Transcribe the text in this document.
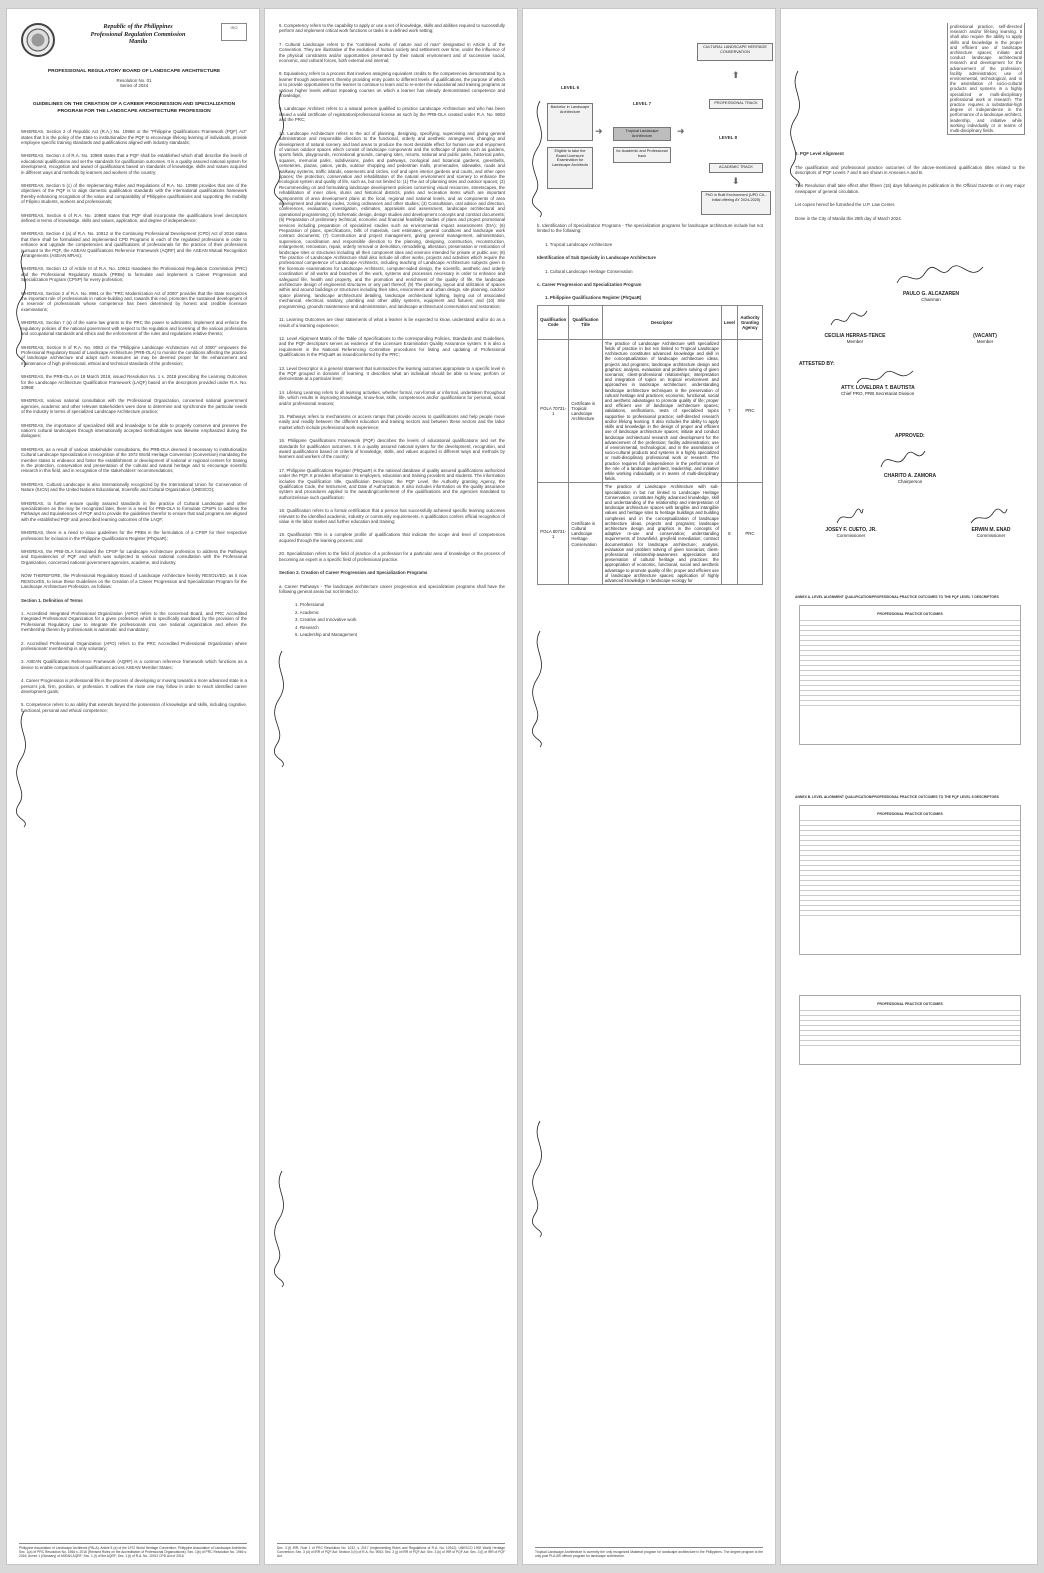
Republic of the Philippines
Professional Regulation Commission
Manila
ISO
PROFESSIONAL REGULATORY BOARD OF LANDSCAPE ARCHITECTURE
Resolution No. 01
Series of 2024
GUIDELINES ON THE CREATION OF A CAREER PROGRESSION AND SPECIALIZATION PROGRAM FOR THE LANDSCAPE ARCHITECTURE PROFESSION
WHEREAS, Section 2 of Republic Act (R.A.) No. 10968 or the "Philippine Qualifications Framework (PQF) Act" states that it is the policy of the State to institutionalize the PQF to encourage lifelong learning of individuals, provide employee specific training standards and qualifications aligned with industry standards;
WHEREAS, Section 4 of R.A. No. 10968 states that a PQF shall be established which shall describe the levels of educational qualifications and set the standards for qualification outcomes. It is a quality assured national system for development, recognition and award of qualifications based on standards of knowledge, skills and values acquired in different ways and methods by learners and workers of the country;
WHEREAS, Section 5 (c) of the Implementing Rules and Regulations of R.A. No. 10968 provides that one of the objectives of the PQF is to align domestic qualification standards with the international qualifications framework thereby enhancing recognition of the value and comparability of Philippine qualifications and supporting the mobility of Filipino students, workers and professionals;
WHEREAS, Section 6 of R.A. No. 10968 states that PQF shall incorporate the qualifications level descriptors defined in terms of knowledge, skills and values, application, and degree of independence;
WHEREAS, Section 4 (a) of R.A. No. 10912 or the Continuing Professional Development (CPD) Act of 2016 states that there shall be formulated and implemented CPD Programs in each of the regulated professions in order to enhance and upgrade the competencies and qualifications of professionals for the practice of their professions pursuant to the PQF, the ASEAN Qualifications Reference Framework (AQRF) and the ASEAN Mutual Recognition Arrangements (ASEAN MRAs);
WHEREAS, Section 12 of Article III of R.A. No. 10912 mandates the Professional Regulation Commission (PRC) and the Professional Regulatory Boards (PRBs) to formulate and implement a Career Progression and Specialization Program (CPSP) for every profession;
WHEREAS, Section 2 of R.A. No. 8981 or the "PRC Modernization Act of 2000" provides that the State recognizes the important role of professionals in nation-building and, towards this end, promotes the sustained development of a reservoir of professionals whose competence has been determined by honest and credible licensure examinations;
WHEREAS, Section 7 (a) of the same law grants to the PRC the power to administer, implement and enforce the regulatory policies of the national government with respect to the regulation and licensing of the various professions and occupational standards and ethics and the enforcement of the rules and regulations relative thereto;
WHEREAS, Section 8 of R.A. No. 9053 or the "Philippine Landscape Architecture Act of 2000" empowers the Professional Regulatory Board of Landscape Architecture (PRB-OLA) to monitor the conditions affecting the practice of landscape architecture and adopt such measures as may be deemed proper for the enhancement and maintenance of high professional, ethical and technical standards of the profession;
WHEREAS, the PRB-OLA on 19 March 2018, issued Resolution No. 1 s. 2018 prescribing the Learning Outcomes for the Landscape Architecture Qualification Framework (LAQF) based on the descriptors provided under R.A. No. 10968;
WHEREAS, various national consultation with the Professional Organization, concerned national government agencies, academic and other relevant stakeholders were done to determine and synchronize the particular needs of the industry in terms of specialized Landscape Architecture practice;
WHEREAS, the importance of specialized skill and knowledge to be able to properly conserve and preserve the nation's cultural landscapes through internationally accepted methodologies was likewise emphasized during the dialogues;
WHEREAS, as a result of various stakeholder consultations, the PRB-OLA deemed it necessary to institutionalize Cultural Landscape Specialization in recognition of the 1972 World Heritage Convention (Convention) mandating the member states to endeavor and foster the establishment or development of national or regional centers for training in the protection, conservation and presentation of the cultural and natural heritage and to encourage scientific research in this field, and in recognition of the stakeholders' recommendations;
WHEREAS, Cultural Landscape is also internationally recognized by the International Union for Conservation of Nature (IUCN) and the United Nations Educational, Scientific and Cultural Organization (UNESCO);
WHEREAS, to further ensure quality assured standards in the practice of Cultural Landscape and other specializations as the may be recognized later, there is a need for PRB-OLA to formulate CPSPs to address the Pathways and Equivalencies of PQF and to provide the guidelines therefor to ensure that said programs are aligned with the established PQF and prescribed learning outcomes of the LAQF;
WHEREAS, there is a need to issue guidelines for the PRBs in the formulation of a CPSP for their respective professions for inclusion in the Philippine Qualifications Register (PhQuaR);
WHEREAS, the PRB-OLA formulated the CPSP for Landscape Architecture profession to address the Pathways and Equivalencies of PQF and which was subjected to various national consultation with the Professional Organization, concerned national government agencies, academe, and industry.
NOW THEREFORE, the Professional Regulatory Board of Landscape Architecture hereby RESOLVED, as it now RESOLVES, to issue these Guidelines on the Creation of a Career Progression and Specialization Program for the Landscape Architecture Profession, as follows:
Section 1. Definition of Terms
1. Accredited Integrated Professional Organization (AIPO) refers to the concerned Board, and PRC Accredited Integrated Professional Organization for a given profession which is specifically mandated by the provision of the Professional Regulatory Law to integrate the professionals into one national organization and where the membership therein by professionals is automatic and mandatory;
2. Accredited Professional Organization (APO) refers to the PRC Accredited Professional Organization where professionals' membership is only voluntary;
3. ASEAN Qualifications Reference Framework (AQRF) is a common reference framework which functions as a device to enable comparisons of qualifications across ASEAN Member States;
4. Career Progression is professional life is the process of developing or moving towards a more advanced state in a person's job, firm, position, or profession. It outlines the route one may follow in order to reach identified career development goals;
5. Competence refers to an ability that extends beyond the possession of knowledge and skills, including cognitive, functional, personal and ethical competence;
Philippine Association of Landscape Architects (PALA); Article 5 (a) of the 1972 World Heritage Convention; Philippine Association of Landscape Architects; Sec. 1(a) of PRC Resolution No. 1966 s. 2016 (Revised Rules on the Accreditation of Professional Organizations); Sec. 1(b) of PRC Resolution No. 1966 s. 2016; Annex 1 (Glossary) of ASEAN AQRF; Sec. 1 (I) of the AQRF; Sec. 1 (t) of R.A. No. 10912 CPD Act of 2016.
6. Competency refers to the capability to apply or use a set of knowledge, skills and abilities required to successfully perform and implement critical work functions or tasks in a defined work setting;
7. Cultural Landscape refers to the "combined works of nature and of man" designated in Article 1 of the Convention. They are illustrative of the evolution of human society and settlement over time, under the influence of the physical constraints and/or opportunities presented by their natural environment and of successive social, economic, and cultural forces, both external and internal;
8. Equivalency refers to a process that involves assigning equivalent credits to the competencies demonstrated by a learner through assessment, thereby providing entry points to different levels of qualifications, the purpose of which is to provide opportunities to the learner to continue to learn and to re-enter the educational and training programs at various higher levels without repeating courses on which a learner has already demonstrated competence and knowledge;
9. Landscape Architect refers to a natural person qualified to practice Landscape Architecture and who has been issued a valid certificate of registration/professional license as such by the PRB-OLA created under R.A. No. 9053 and the PRC;
10. Landscape Architecture refers to the act of planning, designing, specifying, supervising and giving general administration and responsible direction to the functional, orderly and aesthetic arrangement, changing and development of natural scenery and land areas to produce the most desirable effect for human use and enjoyment of various outdoor spaces which consist of landscape components and the softscape of plants such as gardens, sports fields, playgrounds, recreational grounds, camping sites, resorts, national and public parks, historical parks, squares, memorial parks, subdivisions, parks and parkways, zoological and botanical gardens, greenbelts, cemeteries, plazas, patios, yards, outdoor shopping and pedestrian malls, promenades, sidewalks, roads and walkway systems, traffic islands, easements and circles, roof and open interior gardens and courts, and other open spaces; the protection, conservation and rehabilitation of the natural environment and scenery to enhance the ecological system and quality of life, such as, but not limited to: (1) The act of planning sites and outdoor spaces; (2) Recommending on and formulating landscape development policies concerning visual resources, streetscapes, the rehabilitation of inner cities, slums and historical districts, parks and recreation items which are important components of area development plans at the local, regional and national levels, and as components of area development and planning codes, zoning ordinances and other studies; (3) Consultation, oral advice and direction, conferences, evaluation, investigation, estimates, appraisals and assessment, landscape architectural and operational programming; (4) Schematic design, design studies and development concepts and contract documents; (5) Preparation of preliminary technical, economic and financial feasibility studies of plans and project promotional services including preparation of specialized studies such as environmental impact assessments (EIA); (6) Preparation of plans, specifications, bills of materials, cost estimates, general conditions and landscape work contract documents; (7) Construction and project management, giving general management, administration, supervision, coordination and responsible direction to the planning, designing, construction, reconstruction, enlargement, renovation, repair, orderly removal or demolition, remodelling, alteration, preservation or restoration of landscape sites or structures including all their component sites and environs intended for private or public use; (8) The practice of Landscape Architecture shall also include all other works, projects and activities which require the professional competence of Landscape Architects, including teaching of Landscape Architecture subjects given in the licensure examinations for Landscape Architects, computer-aided design, the scientific, aesthetic and orderly coordination of all works and branches of the work, systems and processes necessary in order to enhance and safeguard life, health and property, and the promotion and enrichment of the quality of life, the landscape architecture design of engineered structures or any part thereof; (9) The planning, layout and utilization of spaces within and around buildings or structures including their sites, environment and urban design, site planning, outdoor space planning, landscape architectural detailing, landscape architectural lighting, laying out of associated mechanical, electrical, sanitary, plumbing and other utility systems, equipment and fixtures; and (10) Site programming, grounds maintenance and administration, and landscape architectural conservation and restoration;
11. Learning Outcomes are clear statements of what a learner is be expected to know, understand and/or do as a result of a learning experience;
12. Level Alignment Matrix of the Table of Specifications to the corresponding Policies, Standards and Guidelines, and the PQF descriptors serves as evidence of the Licensure Examination Quality Assurance system. It is also a requirement in the National Referencing Committee procedures for listing and updating of Professional Qualifications in the PhQuaR as issued/conferred by the PRC;
13. Level Descriptor is a general statement that summarizes the learning outcomes appropriate to a specific level in the PQF grouped in domains of learning. It describes what an individual should be able to know, perform or demonstrate at a particular level;
14. Lifelong Learning refers to all learning activities, whether formal, non-formal or informal, undertaken throughout life, which results in improving knowledge, know-how, skills, competences and/or qualifications for personal, social and/or professional reasons;
15. Pathways refers to mechanisms or access ramps that provide access to qualifications and help people move easily and readily between the different education and training sectors and between these sectors and the labor market which include professional work experience;
16. Philippine Qualifications Framework (PQF) describes the levels of educational qualifications and set the standards for qualification outcomes. It is a quality assured national system for the development, recognition, and award qualifications based on criteria of knowledge, skills, and values acquired in different ways and methods by learners and workers of the country;
17. Philippine Qualifications Register (PhQuaR) is the national database of quality assured qualifications authorized under the PQF. It provides information to employers, education and training providers and students. The information includes the Qualification title, Qualification Descriptor, the PQF Level, the Authority granting Agency, the Qualification Code, the Instrument, and Date of Authorization. It also includes information on the quality assurance system and procedures applied to the awarding/conferment of the qualifications and the agencies mandated to authorize/issue such qualification;
18. Qualification refers to a formal certification that a person has successfully achieved specific learning outcomes relevant to the identified academic, industry or community requirements. A qualification confers official recognition of value in the labor market and further education and training;
19. Qualification Title is a complete profile of qualifications that indicate the scope and level of competences acquired through the learning process; and
20. Specialization refers to the field of practice of a profession for a particular area of knowledge or the process of becoming an expert in a specific field of professional practice.
Section 2. Creation of Career Progression and Specialization Programs
a. Career Pathways - The landscape architecture career progression and specialization programs shall have the following general areas but not limited to:
1. Professional
2. Academic
3. Creative and Innovative work
4. Research
5. Leadership and Management
Sec. 3 (f) IRR; Rule 1 of PRC Resolution No. 1032, s. 2017 (Implementing Rules and Regulations of R.A. No. 10912); UNESCO 1992 World Heritage Convention; Sec. 3 (d) of IRR of PQF Act; Section 3 (h) of R.A. No. 9053; Sec. 3 (j) of IRR of PQF Act; Sec. 3 (k) of IRR of PQF Act; Sec. 3 (l) of IRR of PQF Act.
LEVEL 6
LEVEL 7
LEVEL 8
Bachelor in Landscape Architecture
Eligible to take the Board Licensure Examination for Landscape Architects
Tropical Landscape Architecture
for Academic and Professional track
CULTURAL LANDSCAPE HERITAGE CONSERVATION
PROFESSIONAL TRACK
ACADEMIC TRACK
PhD in Built Environment (UPD CA - initial offering AY 2024-2025)
➜	➜
⬆
⬇
b. Identification of Specialization Programs - The specialization programs for landscape architecture include but not limited to the following:
1. Tropical Landscape Architecture
Identification of Sub Specialty in Landscape Architecture
1. Cultural Landscape Heritage Conservation
c. Career Progression and Specialization Program
1. Philippine Qualifications Register (PhQuaR)
Qualification Code	Qualification Title	Descriptor	Level	Authority Granting Agency
POLA 70731-1	Certificate in Tropical Landscape Architecture	The practice of Landscape Architecture with specialized fields of practice in but not limited to Tropical Landscape Architecture constitutes advanced knowledge and skill in the conceptualization of landscape architecture ideas, projects and programs; landscape architecture design and graphics; analysis, evaluation and problem solving of given scenarios; client-professional relationships; interpretation and integration of topics on tropical environment and approaches in landscape architecture; understanding landscape architecture techniques in the preservation of cultural heritage and practices; economic, functional, social and aesthetic advantages to promote quality of life; proper and efficient use of landscape architecture spaces; validations, verifications, tests of specialized topics supportive to professional practice; self-directed research and/or lifelong learning. It also includes the ability to apply skills and knowledge in the design of proper and efficient use of landscape architecture spaces; initiate and conduct landscape architectural research and development for the advancement of the profession; facility administration; use of environmental, technological, and in the assimilation of socio-cultural products and systems in a highly specialized or multi-disciplinary professional work or research. The practice requires full independence in the performance of the role of a landscape architect, leadership, and initiative while working individually or in teams of multi-disciplinary fields.	7	PRC
POLA 80731-1	Certificate in Cultural Landscape Heritage Conservation	The practice of Landscape Architecture with sub-specialization in but not limited to Landscape Heritage Conservation, constitutes highly advanced knowledge, skill and understanding of the relationship and interpretation of landscape architecture spaces with tangible and intangible values and heritage sites to heritage buildings and building complexes and in the conceptualization of landscape architecture ideas, projects and programs; landscape architecture design and graphics in the concepts of adaptive re-use and conservation; understanding requirements of brownfield, greyfield remediation; contract documentation for landscape architecture; analysis, evaluation and problem solving of given scenarios; client-professional relationship-awareness appreciation and preservation of cultural heritage and practices; the appropriation of economic, functional, social and aesthetic advantage to promote quality of life; proper and efficient use of landscape architecture spaces; application of highly advanced knowledge in landscape ecology for	8	PRC
Tropical Landscape Architecture is currently the only recognized Masteral program for landscape architecture in the Philippines. The degree program is the only post PLA-BS offered program for landscape architecture.
professional practice; self-directed research and/or lifelong learning. It shall also require the ability to apply skills and knowledge in the proper and efficient use of landscape architecture spaces; initiate and conduct landscape architectural research and development for the advancement of the profession; facility administration; use of environmental, technological, and in the assimilation of socio-cultural products and systems in a highly specialized or multi-disciplinary professional work or research. The practice requires a substantial-high degree of independence in the performance of a landscape architect, leadership, and initiative while working individually or in teams of multi-disciplinary fields.
2. PQF Level Alignment
The qualification and professional practice outcomes of the above-mentioned qualification titles related to the descriptors of PQF Levels 7 and 8 are shown in Annexes A and B.
This Resolution shall take effect after fifteen (15) days following its publication in the Official Gazette or in any major newspaper of general circulation.
Let copies hereof be furnished the U.P. Law Center.
Done in the City of Manila this 28th day of March 2024.
PAULO G. ALCAZAREN
Chairman
CECILIA HERRAS-TENCE
Member
(VACANT)
Member
ATTESTED BY:
ATTY. LOVELDRA T. BAUTISTA
Chief PRO, PRB Secretariat Division
APPROVED:
CHARITO A. ZAMORA
Chairperson
JOSEY F. CUETO, JR.
Commissioner
ERWIN M. ENAD
Commissioner
ANNEX A. LEVEL ALIGNMENT QUALIFICATION/PROFESSIONAL PRACTICE OUTCOMES TO THE PQF LEVEL 7 DESCRIPTORS
PROFESSIONAL PRACTICE OUTCOMES
ANNEX B. LEVEL ALIGNMENT QUALIFICATION/PROFESSIONAL PRACTICE OUTCOMES TO THE PQF LEVEL 8 DESCRIPTORS
PROFESSIONAL PRACTICE OUTCOMES
PROFESSIONAL PRACTICE OUTCOMES
